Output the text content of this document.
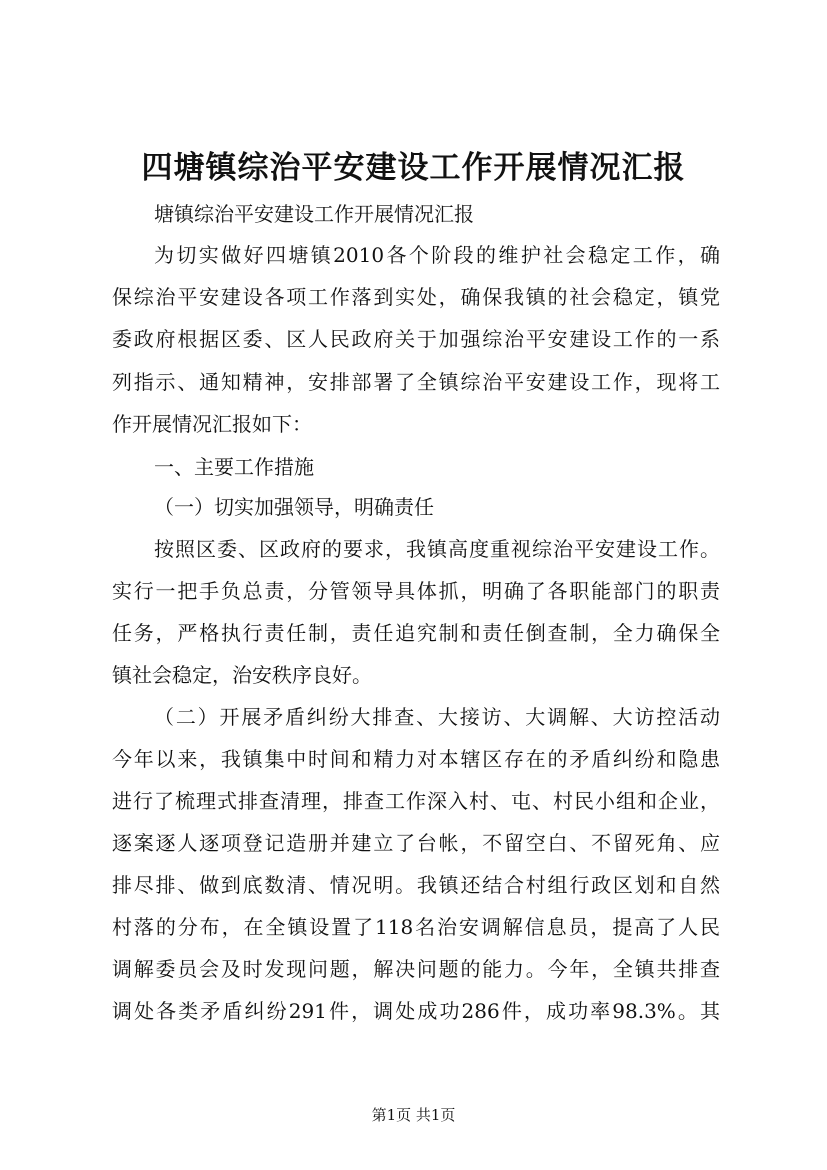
四塘镇综治平安建设工作开展情况汇报
塘镇综治平安建设工作开展情况汇报
为切实做好四塘镇2010各个阶段的维护社会稳定工作，确
保综治平安建设各项工作落到实处，确保我镇的社会稳定，镇党
委政府根据区委、区人民政府关于加强综治平安建设工作的一系
列指示、通知精神，安排部署了全镇综治平安建设工作，现将工
作开展情况汇报如下：
一、主要工作措施
（一）切实加强领导，明确责任
按照区委、区政府的要求，我镇高度重视综治平安建设工作。
实行一把手负总责，分管领导具体抓，明确了各职能部门的职责
任务，严格执行责任制，责任追究制和责任倒查制，全力确保全
镇社会稳定，治安秩序良好。
（二）开展矛盾纠纷大排查、大接访、大调解、大访控活动
今年以来，我镇集中时间和精力对本辖区存在的矛盾纠纷和隐患
进行了梳理式排查清理，排查工作深入村、屯、村民小组和企业，
逐案逐人逐项登记造册并建立了台帐，不留空白、不留死角、应
排尽排、做到底数清、情况明。我镇还结合村组行政区划和自然
村落的分布，在全镇设置了118名治安调解信息员，提高了人民
调解委员会及时发现问题，解决问题的能力。今年，全镇共排查
调处各类矛盾纠纷291件，调处成功286件，成功率98.3%。其
第1页 共1页
